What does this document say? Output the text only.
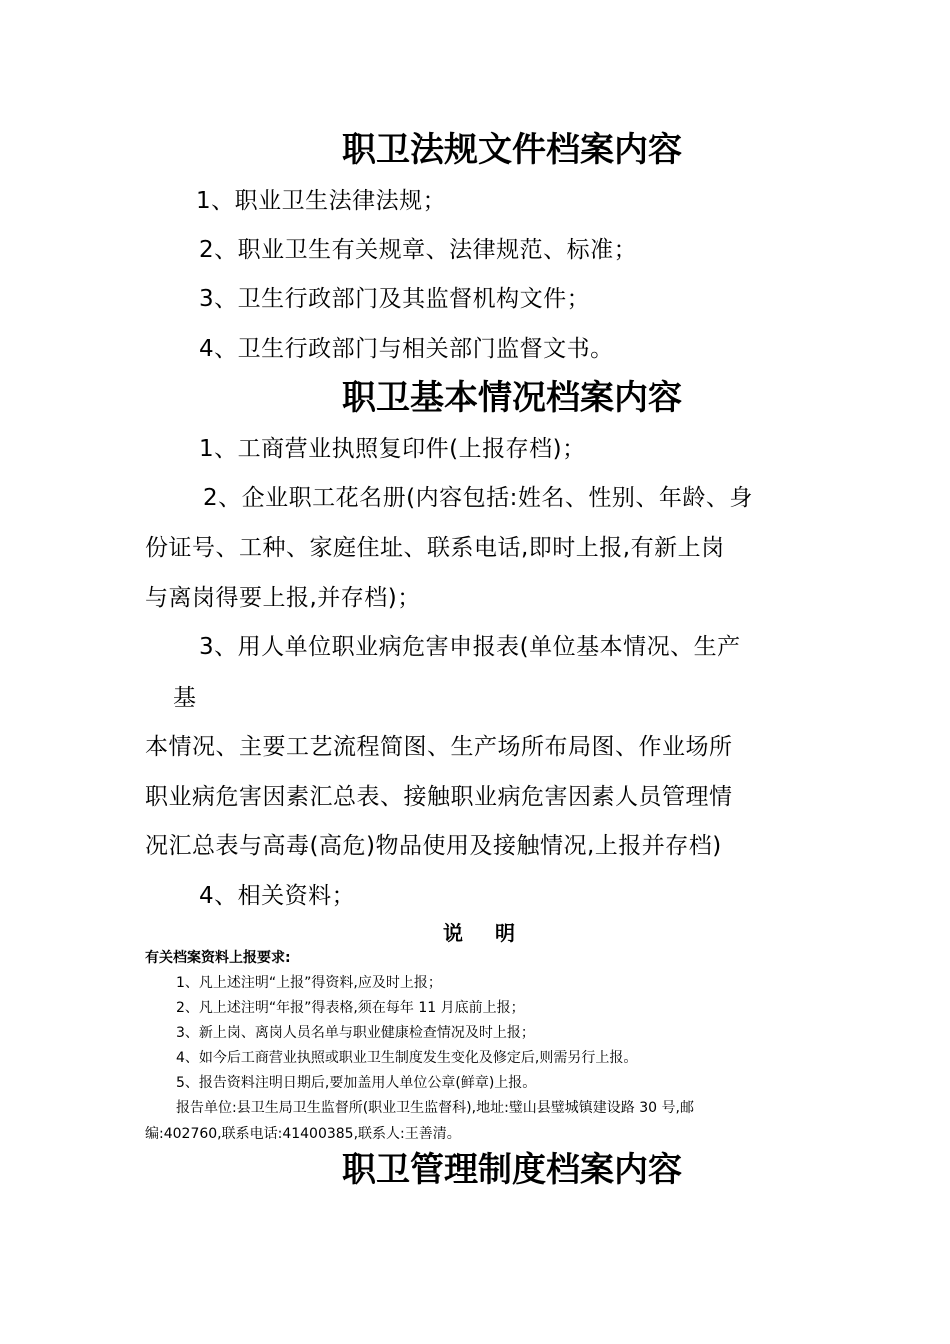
职卫法规文件档案内容
1、职业卫生法律法规；
2、职业卫生有关规章、法律规范、标准；
3、卫生行政部门及其监督机构文件；
4、卫生行政部门与相关部门监督文书。
职卫基本情况档案内容
1、工商营业执照复印件(上报存档)；
2、企业职工花名册(内容包括:姓名、性别、年龄、身
份证号、工种、家庭住址、联系电话,即时上报,有新上岗
与离岗得要上报,并存档)；
3、用人单位职业病危害申报表(单位基本情况、生产
基
本情况、主要工艺流程简图、生产场所布局图、作业场所
职业病危害因素汇总表、接触职业病危害因素人员管理情
况汇总表与高毒(高危)物品使用及接触情况,上报并存档)
4、相关资料；
说明
有关档案资料上报要求:
1、凡上述注明“上报”得资料,应及时上报；
2、凡上述注明“年报”得表格,须在每年 11 月底前上报；
3、新上岗、离岗人员名单与职业健康检查情况及时上报；
4、如今后工商营业执照或职业卫生制度发生变化及修定后,则需另行上报。
5、报告资料注明日期后,要加盖用人单位公章(鲜章)上报。
报告单位:县卫生局卫生监督所(职业卫生监督科),地址:璧山县璧城镇建设路 30 号,邮
编:402760,联系电话:41400385,联系人:王善清。
职卫管理制度档案内容
